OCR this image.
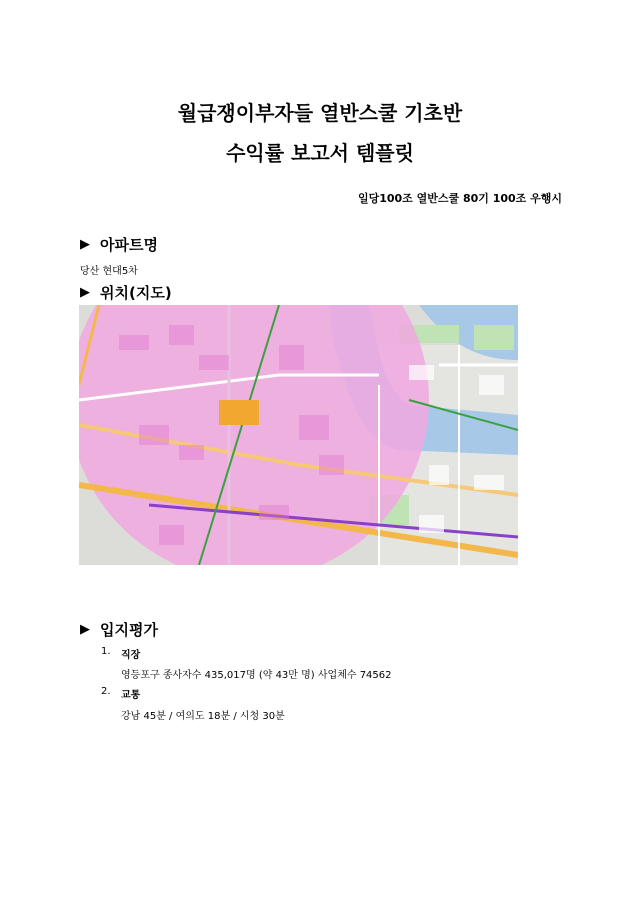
월급쟁이부자들 열반스쿨 기초반
수익률 보고서 템플릿
일당100조 열반스쿨 80기 100조 우행시
▶ 아파트명
당산 현대5차
▶ 위치(지도)
▶ 입지평가
1. 직장
영등포구 종사자수 435,017명 (약 43만 명) 사업체수 74562
2. 교통
강남 45분 / 여의도 18분 / 시청 30분
